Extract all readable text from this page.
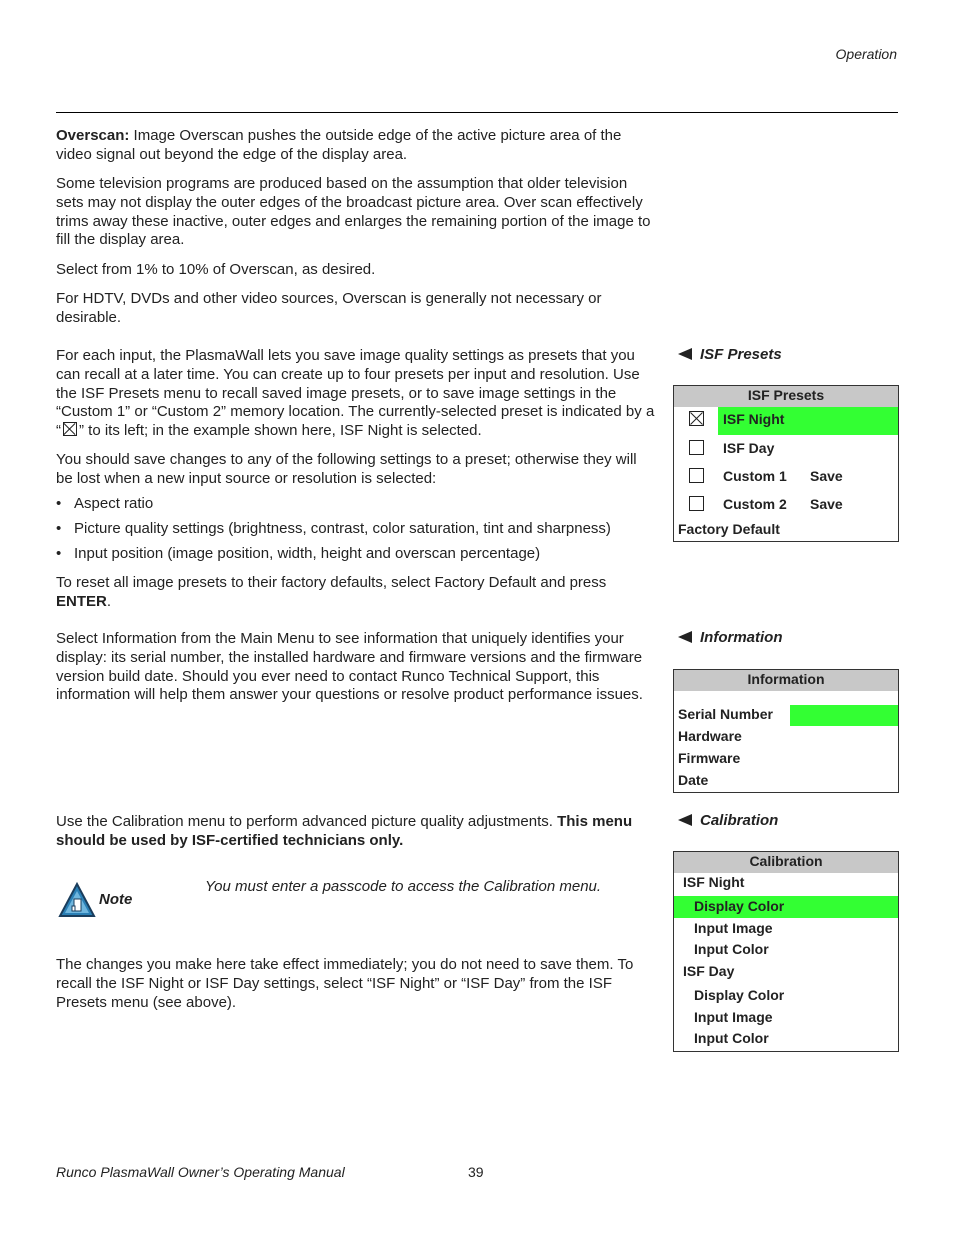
Operation
Overscan: Image Overscan pushes the outside edge of the active picture area of the video signal out beyond the edge of the display area.
Some television programs are produced based on the assumption that older television sets may not display the outer edges of the broadcast picture area. Over scan effectively trims away these inactive, outer edges and enlarges the remaining portion of the image to fill the display area.
Select from 1% to 10% of Overscan, as desired.
For HDTV, DVDs and other video sources, Overscan is generally not necessary or desirable.
For each input, the PlasmaWall lets you save image quality settings as presets that you can recall at a later time. You can create up to four presets per input and resolution. Use the ISF Presets menu to recall saved image presets, or to save image settings in the “Custom 1” or “Custom 2” memory location. The currently-selected preset is indicated by a “ ” to its left; in the example shown here, ISF Night is selected.
You should save changes to any of the following settings to a preset; otherwise they will be lost when a new input source or resolution is selected:
• Aspect ratio
• Picture quality settings (brightness, contrast, color saturation, tint and sharpness)
• Input position (image position, width, height and overscan percentage)
To reset all image presets to their factory defaults, select Factory Default and press
ENTER.
ISF Presets
ISF Presets
ISF Night
ISF Day
Custom 1 Save
Custom 2 Save
Factory Default
Select Information from the Main Menu to see information that uniquely identifies your display: its serial number, the installed hardware and firmware versions and the firmware version build date. Should you ever need to contact Runco Technical Support, this information will help them answer your questions or resolve product performance issues.
Information
Information
Serial Number
Hardware
Firmware
Date
Use the Calibration menu to perform advanced picture quality adjustments. This menu should be used by ISF-certified technicians only.
Calibration
Note
You must enter a passcode to access the Calibration menu.
The changes you make here take effect immediately; you do not need to save them. To recall the ISF Night or ISF Day settings, select “ISF Night” or “ISF Day” from the ISF Presets menu (see above).
Calibration
ISF Night
Display Color
Input Image
Input Color
ISF Day
Display Color
Input Image
Input Color
Runco PlasmaWall Owner’s Operating Manual	39
